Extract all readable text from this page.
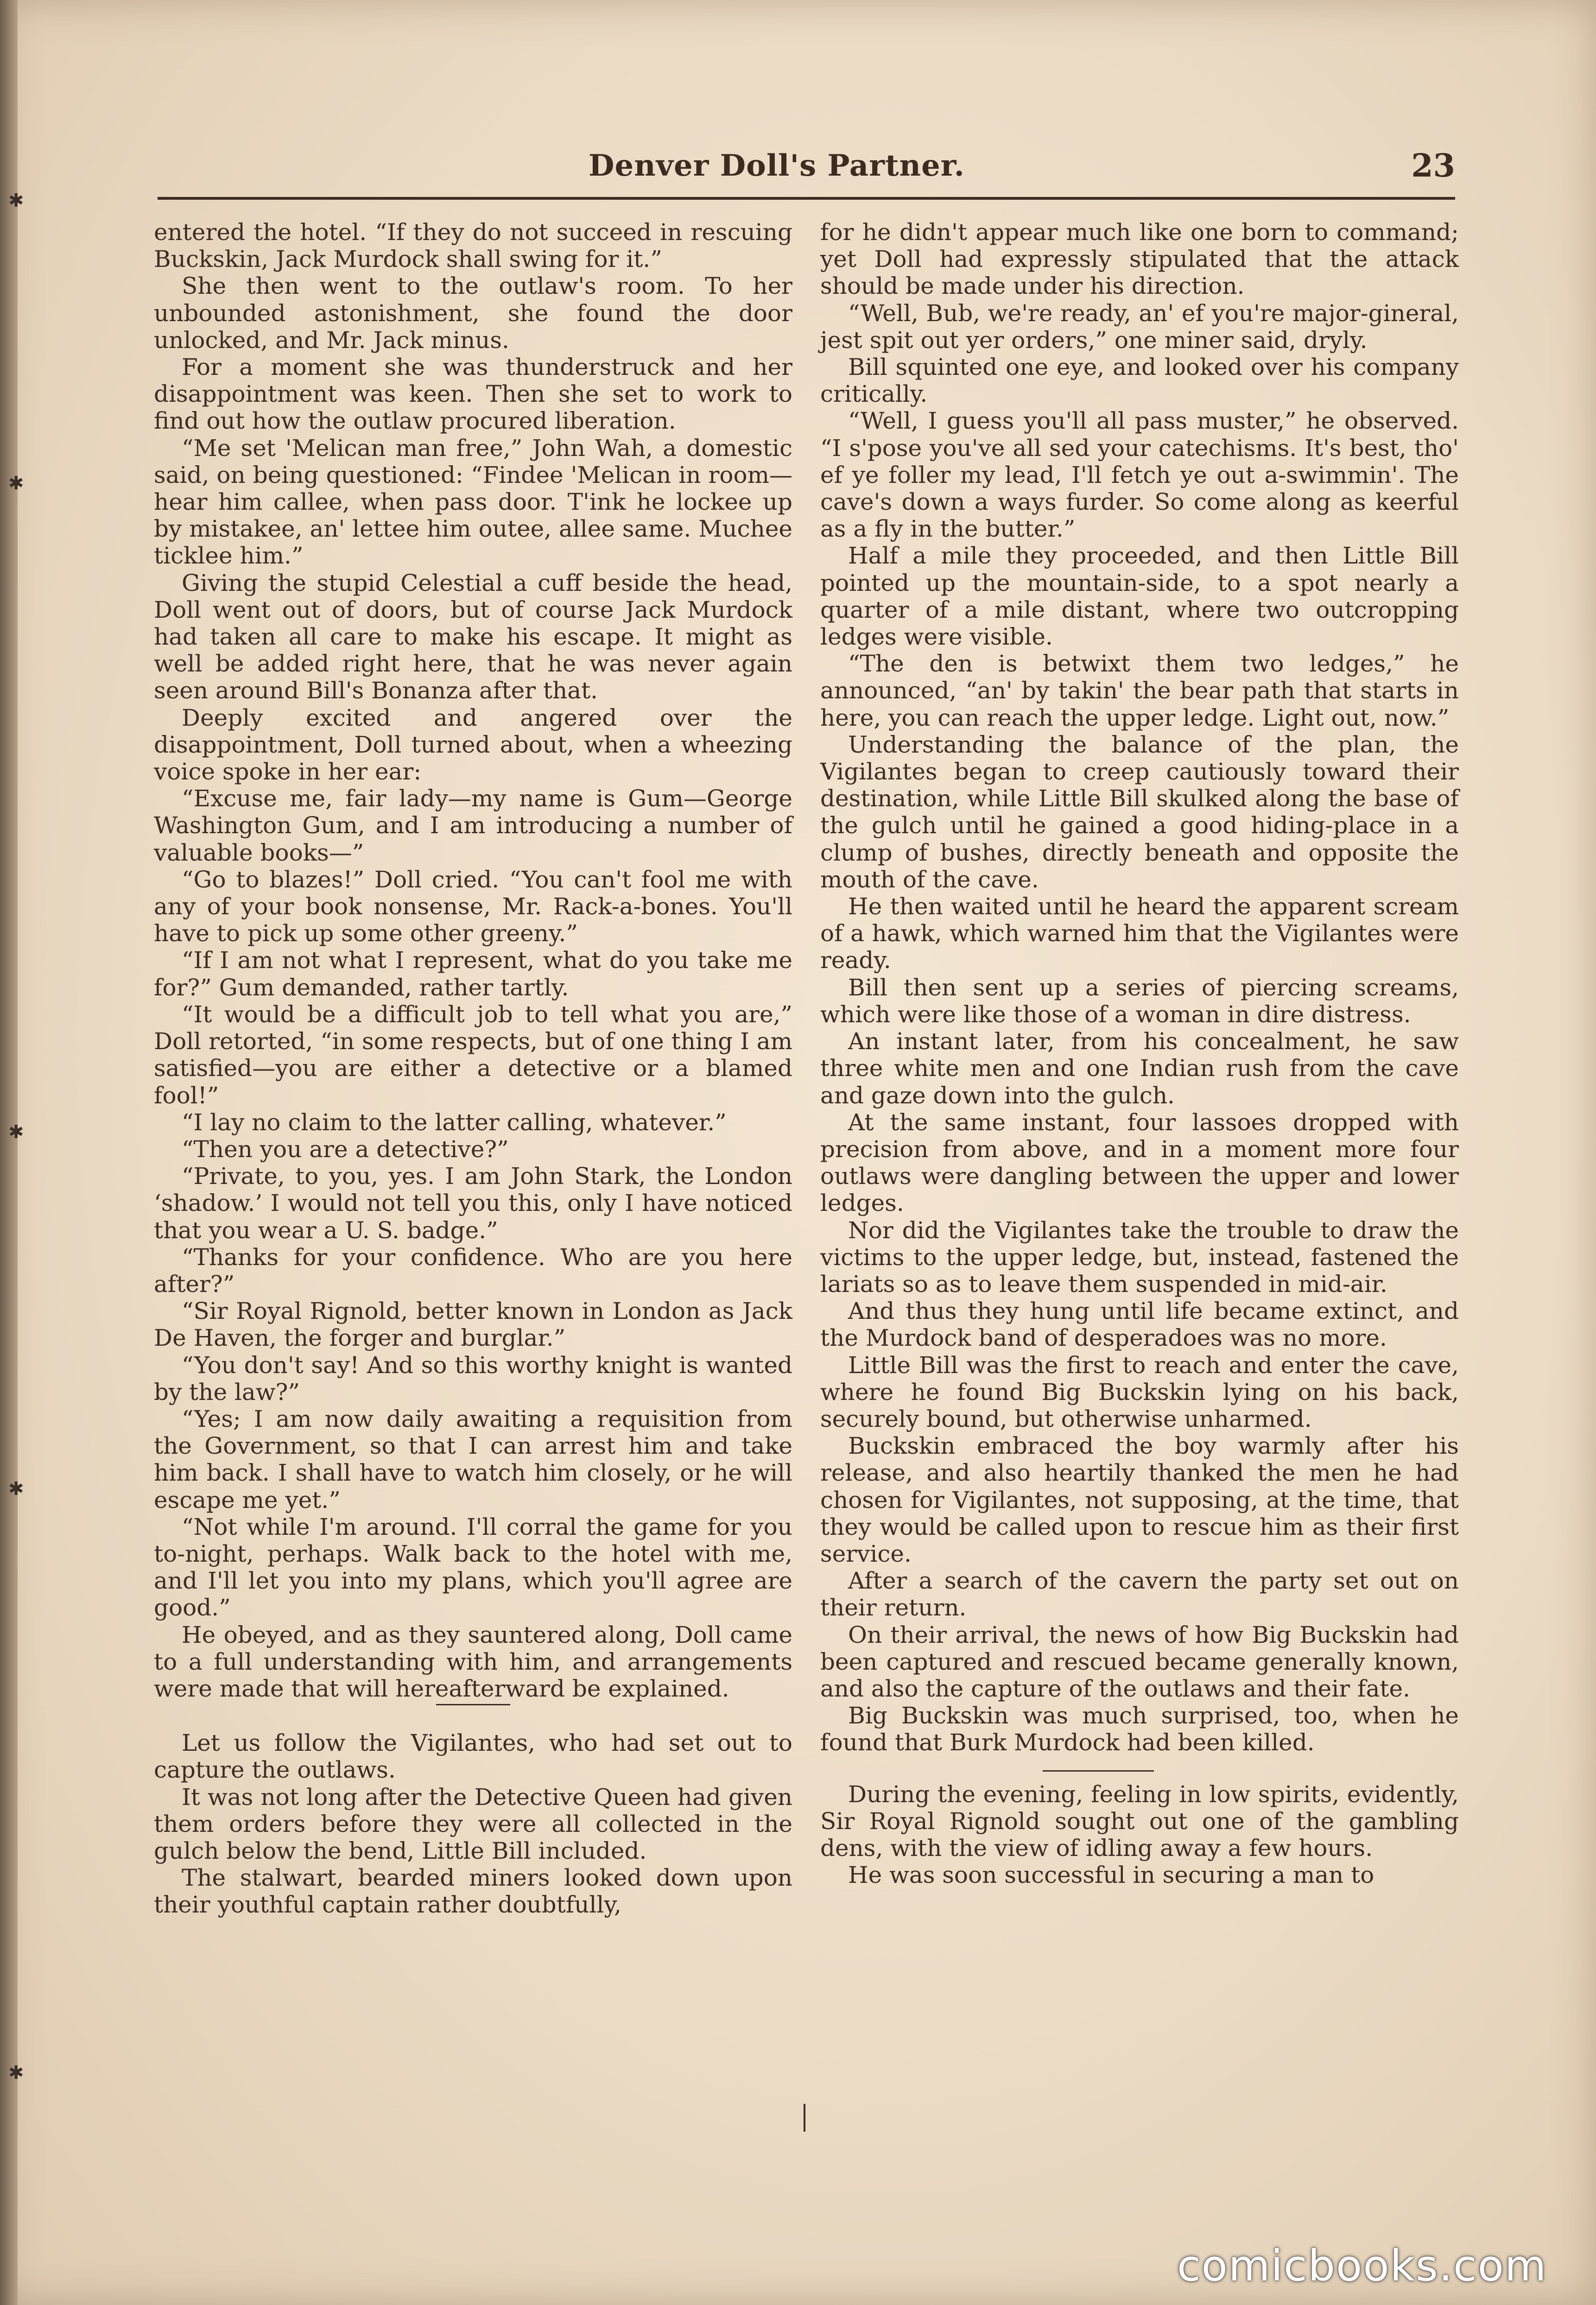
✱
✱
✱
✱
✱
Denver Doll's Partner.	23

entered the hotel. “If they do not succeed in rescuing Buckskin, Jack Murdock shall swing for it.”

She then went to the outlaw's room. To her unbounded astonishment, she found the door unlocked, and Mr. Jack minus.

For a moment she was thunderstruck and her disappointment was keen. Then she set to work to find out how the outlaw procured liberation.

“Me set 'Melican man free,” John Wah, a domestic said, on being questioned: “Findee 'Melican in room—hear him callee, when pass door. T'ink he lockee up by mistakee, an' lettee him outee, allee same. Muchee ticklee him.”

Giving the stupid Celestial a cuff beside the head, Doll went out of doors, but of course Jack Murdock had taken all care to make his escape. It might as well be added right here, that he was never again seen around Bill's Bonanza after that.

Deeply excited and angered over the disappointment, Doll turned about, when a wheezing voice spoke in her ear:

“Excuse me, fair lady—my name is Gum—George Washington Gum, and I am introducing a number of valuable books—”

“Go to blazes!” Doll cried. “You can't fool me with any of your book nonsense, Mr. Rack-a-bones. You'll have to pick up some other greeny.”

“If I am not what I represent, what do you take me for?” Gum demanded, rather tartly.

“It would be a difficult job to tell what you are,” Doll retorted, “in some respects, but of one thing I am satisfied—you are either a detective or a blamed fool!”

“I lay no claim to the latter calling, whatever.”

“Then you are a detective?”

“Private, to you, yes. I am John Stark, the London ‘shadow.’ I would not tell you this, only I have noticed that you wear a U. S. badge.”

“Thanks for your confidence. Who are you here after?”

“Sir Royal Rignold, better known in London as Jack De Haven, the forger and burglar.”

“You don't say! And so this worthy knight is wanted by the law?”

“Yes; I am now daily awaiting a requisition from the Government, so that I can arrest him and take him back. I shall have to watch him closely, or he will escape me yet.”

“Not while I'm around. I'll corral the game for you to-night, perhaps. Walk back to the hotel with me, and I'll let you into my plans, which you'll agree are good.”

He obeyed, and as they sauntered along, Doll came to a full understanding with him, and arrangements were made that will hereafterward be explained.

Let us follow the Vigilantes, who had set out to capture the outlaws.

It was not long after the Detective Queen had given them orders before they were all collected in the gulch below the bend, Little Bill included.

The stalwart, bearded miners looked down upon their youthful captain rather doubtfully,

for he didn't appear much like one born to command; yet Doll had expressly stipulated that the attack should be made under his direction.

“Well, Bub, we're ready, an' ef you're major-gineral, jest spit out yer orders,” one miner said, dryly.

Bill squinted one eye, and looked over his company critically.

“Well, I guess you'll all pass muster,” he observed. “I s'pose you've all sed your catechisms. It's best, tho' ef ye foller my lead, I'll fetch ye out a-swimmin'. The cave's down a ways furder. So come along as keerful as a fly in the butter.”

Half a mile they proceeded, and then Little Bill pointed up the mountain-side, to a spot nearly a quarter of a mile distant, where two outcropping ledges were visible.

“The den is betwixt them two ledges,” he announced, “an' by takin' the bear path that starts in here, you can reach the upper ledge. Light out, now.”

Understanding the balance of the plan, the Vigilantes began to creep cautiously toward their destination, while Little Bill skulked along the base of the gulch until he gained a good hiding-place in a clump of bushes, directly beneath and opposite the mouth of the cave.

He then waited until he heard the apparent scream of a hawk, which warned him that the Vigilantes were ready.

Bill then sent up a series of piercing screams, which were like those of a woman in dire distress.

An instant later, from his concealment, he saw three white men and one Indian rush from the cave and gaze down into the gulch.

At the same instant, four lassoes dropped with precision from above, and in a moment more four outlaws were dangling between the upper and lower ledges.

Nor did the Vigilantes take the trouble to draw the victims to the upper ledge, but, instead, fastened the lariats so as to leave them suspended in mid-air.

And thus they hung until life became extinct, and the Murdock band of desperadoes was no more.

Little Bill was the first to reach and enter the cave, where he found Big Buckskin lying on his back, securely bound, but otherwise unharmed.

Buckskin embraced the boy warmly after his release, and also heartily thanked the men he had chosen for Vigilantes, not supposing, at the time, that they would be called upon to rescue him as their first service.

After a search of the cavern the party set out on their return.

On their arrival, the news of how Big Buckskin had been captured and rescued became generally known, and also the capture of the outlaws and their fate.

Big Buckskin was much surprised, too, when he found that Burk Murdock had been killed.

During the evening, feeling in low spirits, evidently, Sir Royal Rignold sought out one of the gambling dens, with the view of idling away a few hours.

He was soon successful in securing a man to

comicbooks.com
